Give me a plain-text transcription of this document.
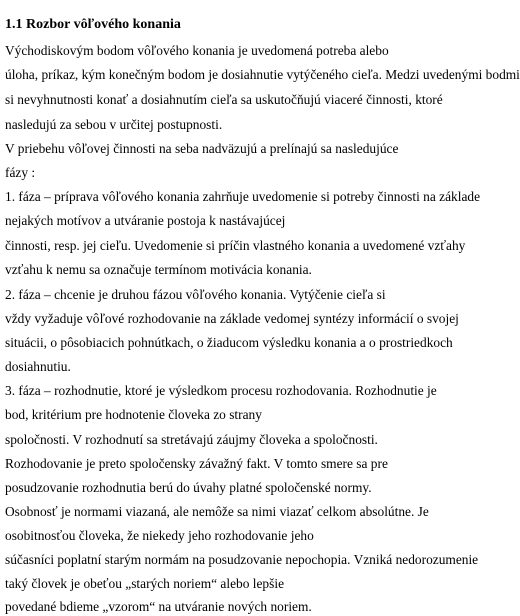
1.1 Rozbor vôľového konania
Východiskovým bodom vôľového konania je uvedomená potreba alebo
úloha, príkaz, kým konečným bodom je dosiahnutie vytýčeného cieľa. Medzi uvedenými bodmi
si nevyhnutnosti konať a dosiahnutím cieľa sa uskutočňujú viaceré činnosti, ktoré
nasledujú za sebou v určitej postupnosti.
V priebehu vôľovej činnosti na seba nadväzujú a prelínajú sa nasledujúce
fázy :
1. fáza – príprava vôľového konania zahrňuje uvedomenie si potreby činnosti na základe
nejakých motívov a utváranie postoja k nastávajúcej
činnosti, resp. jej cieľu. Uvedomenie si príčin vlastného konania a uvedomené vzťahy
vzťahu k nemu sa označuje termínom motivácia konania.
2. fáza – chcenie je druhou fázou vôľového konania. Vytýčenie cieľa si
vždy vyžaduje vôľové rozhodovanie na základe vedomej syntézy informácií o svojej
situácii, o pôsobiacich pohnútkach, o žiaducom výsledku konania a o prostriedkoch
dosiahnutiu.
3. fáza – rozhodnutie, ktoré je výsledkom procesu rozhodovania. Rozhodnutie je
bod, kritérium pre hodnotenie človeka zo strany
spoločnosti. V rozhodnutí sa stretávajú záujmy človeka a spoločnosti.
Rozhodovanie je preto spoločensky závažný fakt. V tomto smere sa pre
posudzovanie rozhodnutia berú do úvahy platné spoločenské normy.
Osobnosť je normami viazaná, ale nemôže sa nimi viazať celkom absolútne. Je
osobitnosťou človeka, že niekedy jeho rozhodovanie jeho
súčasníci poplatní starým normám na posudzovanie nepochopia. Vzniká nedorozumenie
taký človek je obeťou „starých noriem“ alebo lepšie
povedané bdieme „vzorom“ na utváranie nových noriem.
